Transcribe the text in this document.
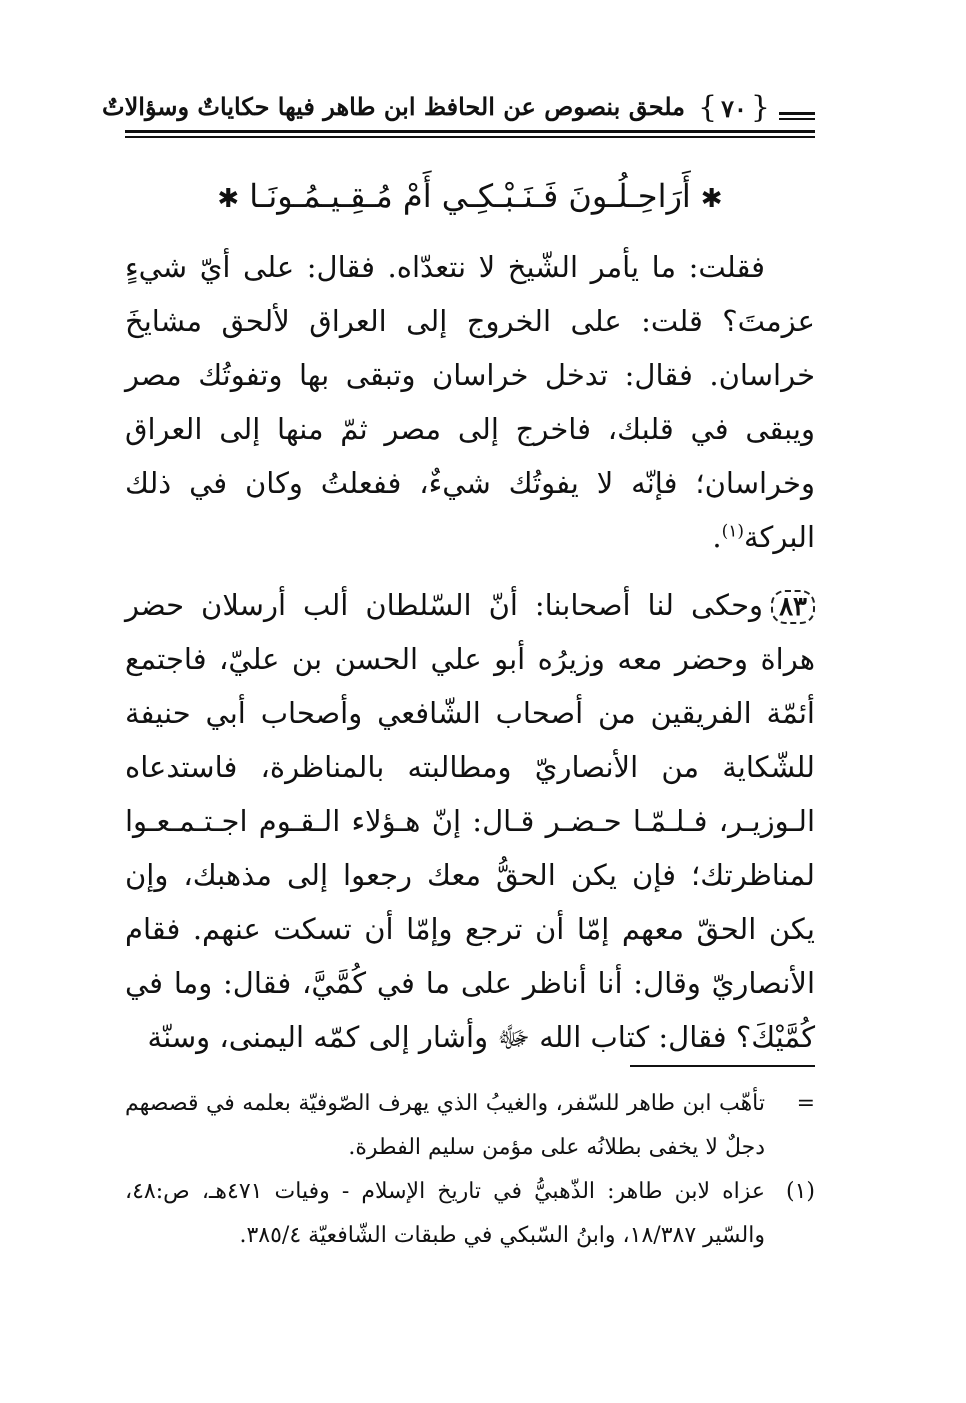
ملحق بنصوص عن الحافظ ابن طاهر فيها حكاياتٌ وسؤالاتٌ { ٧٠ }
✱أَرَاحِـلُـونَ فَـنَـبْـكِـي أَمْ مُـقِـيـمُـونَـا✱

فقلت: ما يأمر الشّيخ لا نتعدّاه. فقال: على أيّ شيءٍ عزمتَ؟ قلت: على الخروج إلى العراق لألحق مشايخَ خراسان. فقال: تدخل خراسان وتبقى بها وتفوتُك مصر ويبقى في قلبك، فاخرج إلى مصر ثمّ منها إلى العراق وخراسان؛ فإنّه لا يفوتُك شيءٌ، ففعلتُ وكان في ذلك البركة$^{(١)}$.

٨٣وحكى لنا أصحابنا: أنّ السّلطان ألب أرسلان حضر هراة وحضر معه وزيرُه أبو علي الحسن بن عليّ، فاجتمع أئمّة الفريقين من أصحاب الشّافعي وأصحاب أبي حنيفة للشّكاية من الأنصاريّ ومطالبته بالمناظرة، فاستدعاه الـوزيـر، فـلـمّـا حـضـر قـال: إنّ هـؤلاء الـقـوم اجـتـمـعـوا لمناظرتك؛ فإن يكن الحقُّ معك رجعوا إلى مذهبك، وإن يكن الحقّ معهم إمّا أن ترجع وإمّا أن تسكت عنهم. فقام الأنصاريّ وقال: أنا أناظر على ما في كُمَّيَّ، فقال: وما في كُمَّيْكَ؟ فقال: كتاب الله ﷻ وأشار إلى كمّه اليمنى، وسنّة

=
تأهّب ابن طاهر للسّفر، والغيبُ الذي يهرف الصّوفيّة بعلمه في قصصهم دجلٌ لا يخفى بطلانُه على مؤمن سليم الفطرة.
(١)
عزاه لابن طاهر: الذّهبيُّ في تاريخ الإسلام - وفيات ٤٧١هـ، ص:٤٨، والسّير ١٨/٣٨٧، وابنُ السّبكي في طبقات الشّافعيّة ٣٨٥/٤.
